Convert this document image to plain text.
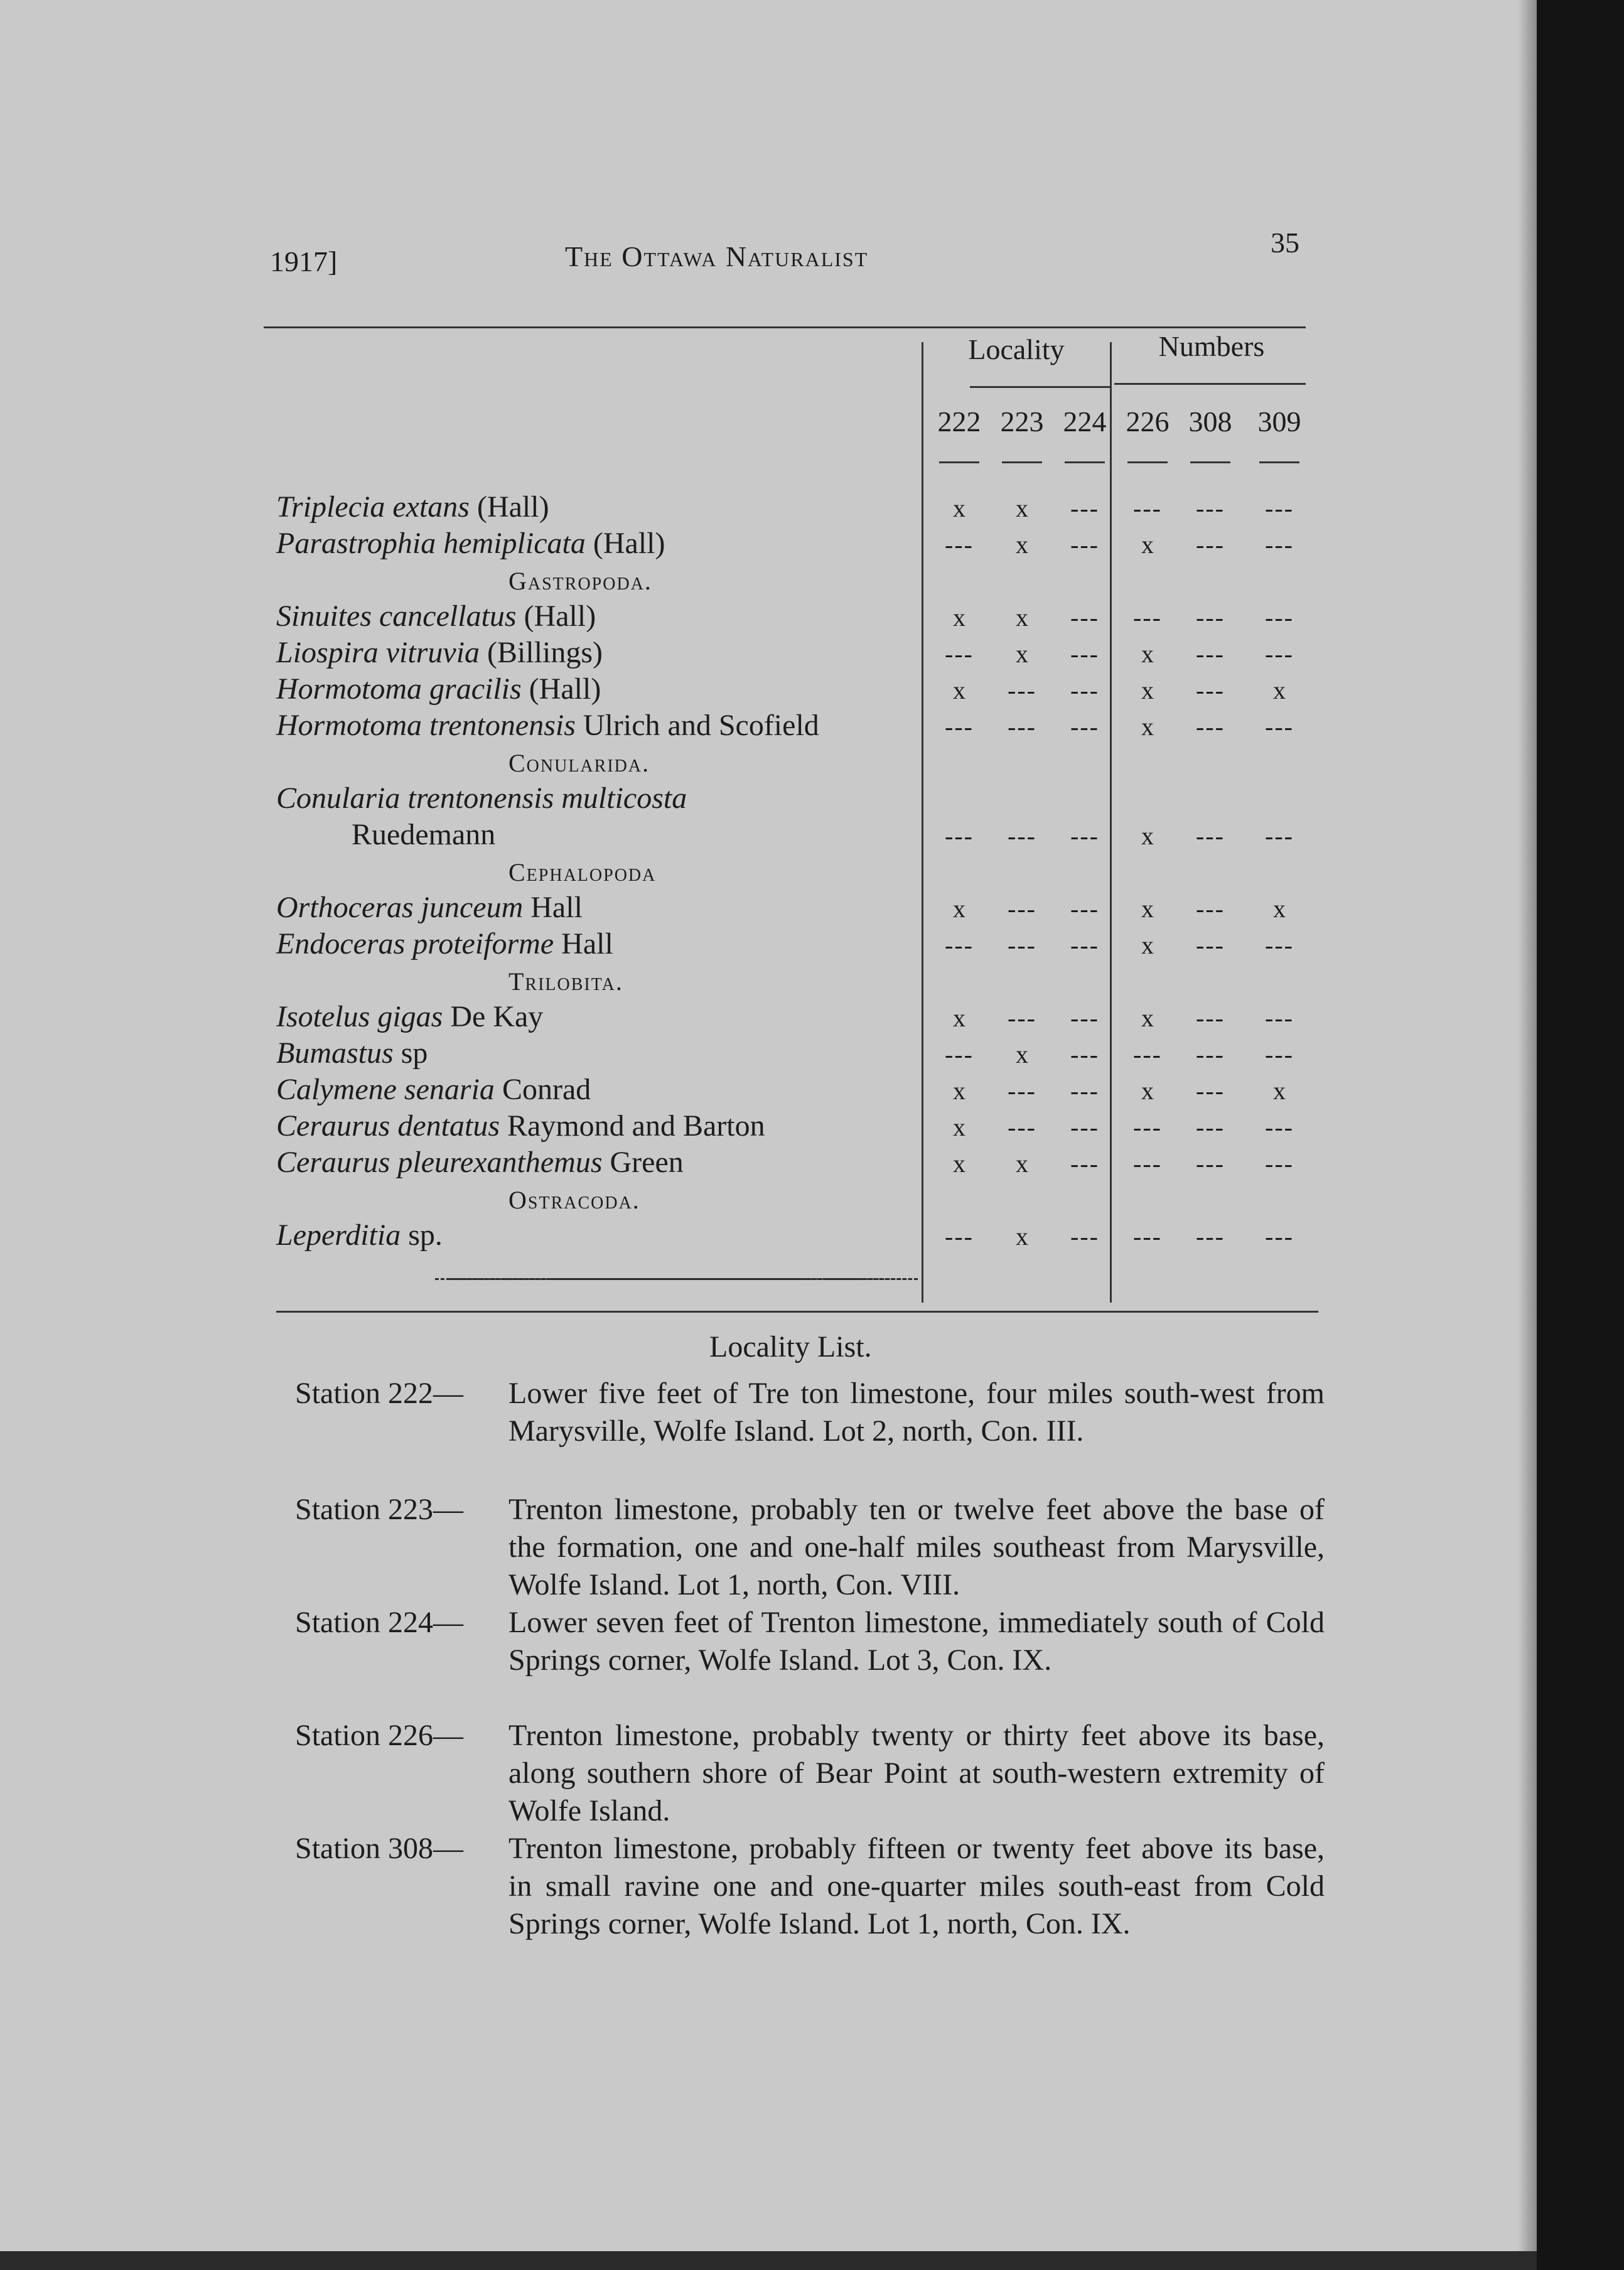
1917]	The Ottawa Naturalist	35
Locality	Numbers
222 223 224 226 308 309
Triplecia extans (Hall)	x	x	---	---	---	---
Parastrophia hemiplicata (Hall)	---	x	---	x	---	---
Gastropoda.
Sinuites cancellatus (Hall)	x	x	---	---	---	---
Liospira vitruvia (Billings)	---	x	---	x	---	---
Hormotoma gracilis (Hall)	x	---	---	x	---	x
Hormotoma trentonensis Ulrich and Scofield	---	---	---	x	---	---
Conularida.
Conularia trentonensis multicosta
Ruedemann	---	---	---	x	---	---
Cephalopoda
Orthoceras junceum Hall	x	---	---	x	---	x
Endoceras proteiforme Hall	---	---	---	x	---	---
Trilobita.
Isotelus gigas De Kay	x	---	---	x	---	---
Bumastus sp	---	x	---	---	---	---
Calymene senaria Conrad	x	---	---	x	---	x
Ceraurus dentatus Raymond and Barton	x	---	---	---	---	---
Ceraurus pleurexanthemus Green	x	x	---	---	---	---
Ostracoda.
Leperditia sp.	---	x	---	---	---	---
Locality List.
Station 222— Lower five feet of Tre ton limestone, four miles south-west from Marysville, Wolfe Island. Lot 2, north, Con. III.
Station 223— Trenton limestone, probably ten or twelve feet above the base of the formation, one and one-half miles southeast from Marysville, Wolfe Island. Lot 1, north, Con. VIII.
Station 224— Lower seven feet of Trenton limestone, immediately south of Cold Springs corner, Wolfe Island. Lot 3, Con. IX.
Station 226— Trenton limestone, probably twenty or thirty feet above its base, along southern shore of Bear Point at south-western extremity of Wolfe Island.
Station 308— Trenton limestone, probably fifteen or twenty feet above its base, in small ravine one and one-quarter miles south-east from Cold Springs corner, Wolfe Island. Lot 1, north, Con. IX.
